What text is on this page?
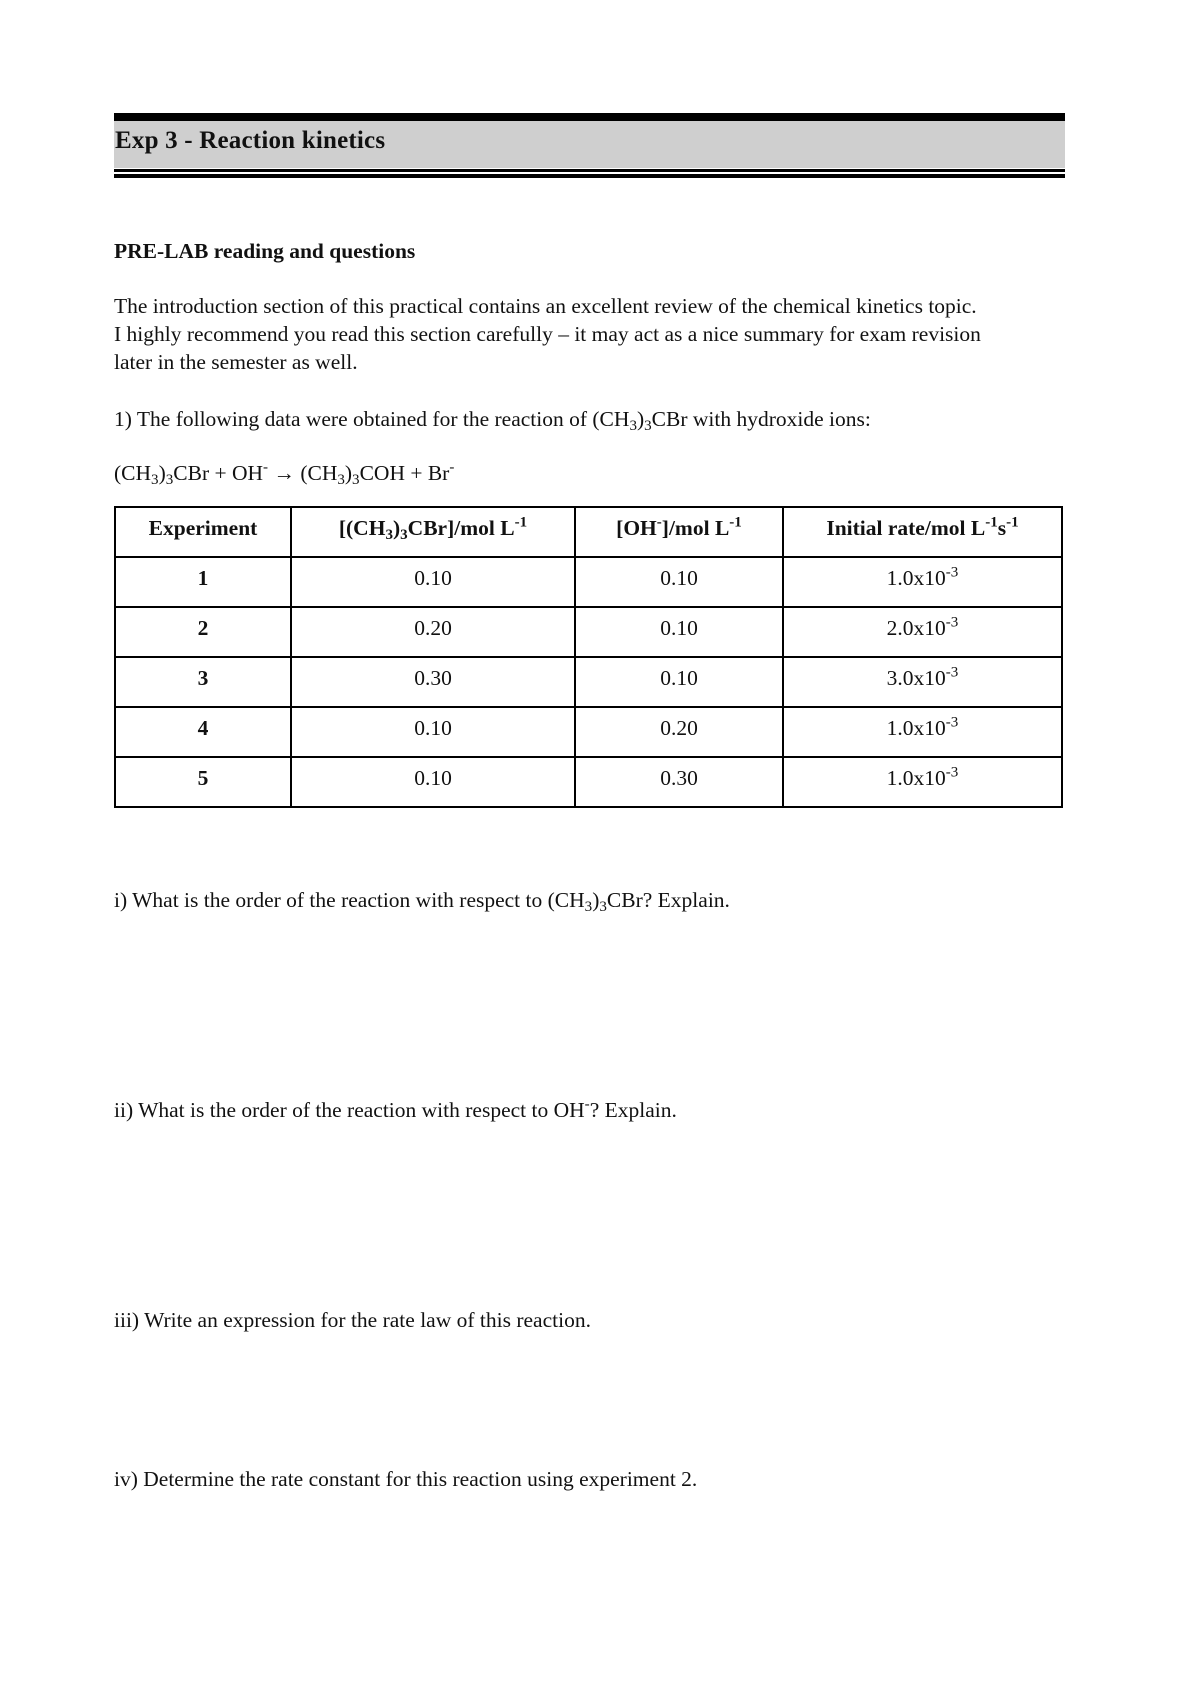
Exp 3 - Reaction kinetics
PRE-LAB reading and questions
The introduction section of this practical contains an excellent review of the chemical kinetics topic.
I highly recommend you read this section carefully – it may act as a nice summary for exam revision
later in the semester as well.
1) The following data were obtained for the reaction of $(CH_3)_3CBr$ with hydroxide ions:
$(CH_3)_3CBr + OH^- \to (CH_3)_3COH + Br^-$
Experiment	$[(CH_3)_3CBr]$/mol $L^{-1}$	[OH-]/mol $L^{-1}$	Initial rate/mol $L^{-1}s^{-1}$
1	0.10	0.10	$1.0x10^{-3}$
2	0.20	0.10	$2.0x10^{-3}$
3	0.30	0.10	$3.0x10^{-3}$
4	0.10	0.20	$1.0x10^{-3}$
5	0.10	0.30	$1.0x10^{-3}$
i) What is the order of the reaction with respect to $(CH_3)_3CBr$? Explain.
ii) What is the order of the reaction with respect to OH-? Explain.
iii) Write an expression for the rate law of this reaction.
iv) Determine the rate constant for this reaction using experiment 2.
